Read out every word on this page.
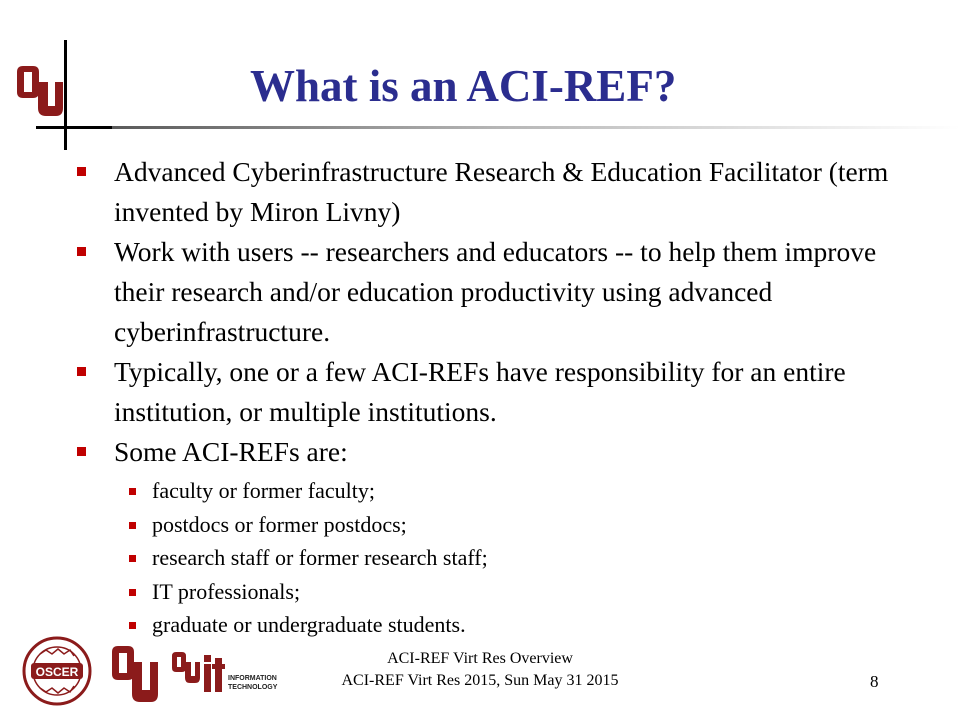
What is an ACI-REF?
Advanced Cyberinfrastructure Research & Education Facilitator (term invented by Miron Livny)
Work with users -- researchers and educators -- to help them improve their research and/or education productivity using advanced cyberinfrastructure.
Typically, one or a few ACI-REFs have responsibility for an entire institution, or multiple institutions.
Some ACI-REFs are:
faculty or former faculty;
postdocs or former postdocs;
research staff or former research staff;
IT professionals;
graduate or undergraduate students.
OSCER	INFORMATION
TECHNOLOGY
ACI-REF Virt Res Overview
ACI-REF Virt Res 2015, Sun May 31 2015	8
